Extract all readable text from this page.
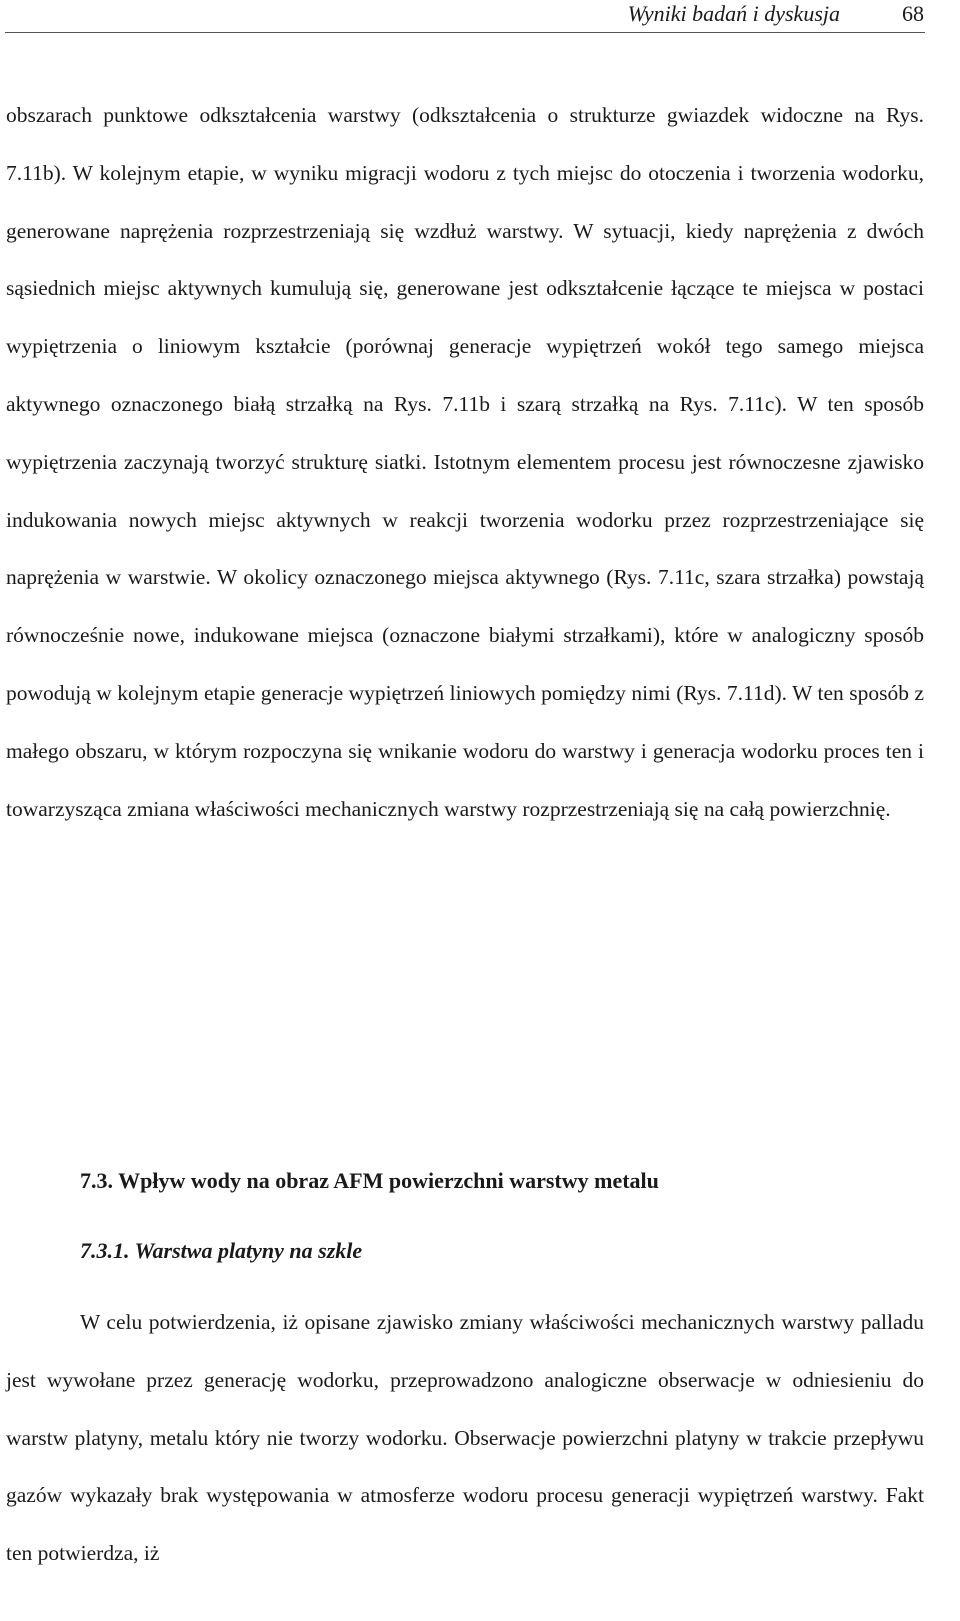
Wyniki badań i dyskusja	68

obszarach punktowe odkształcenia warstwy (odkształcenia o strukturze gwiazdek widoczne na Rys. 7.11b). W kolejnym etapie, w wyniku migracji wodoru z tych miejsc do otoczenia i tworzenia wodorku, generowane naprężenia rozprzestrzeniają się wzdłuż warstwy. W sytuacji, kiedy naprężenia z dwóch sąsiednich miejsc aktywnych kumulują się, generowane jest odkształcenie łączące te miejsca w postaci wypiętrzenia o liniowym kształcie (porównaj generacje wypiętrzeń wokół tego samego miejsca aktywnego oznaczonego białą strzałką na Rys. 7.11b i szarą strzałką na Rys. 7.11c). W ten sposób wypiętrzenia zaczynają tworzyć strukturę siatki. Istotnym elementem procesu jest równoczesne zjawisko indukowania nowych miejsc aktywnych w reakcji tworzenia wodorku przez rozprzestrzeniające się naprężenia w warstwie. W okolicy oznaczonego miejsca aktywnego (Rys. 7.11c, szara strzałka) powstają równocześnie nowe, indukowane miejsca (oznaczone białymi strzałkami), które w analogiczny sposób powodują w kolejnym etapie generacje wypiętrzeń liniowych pomiędzy nimi (Rys. 7.11d). W ten sposób z małego obszaru, w którym rozpoczyna się wnikanie wodoru do warstwy i generacja wodorku proces ten i towarzysząca zmiana właściwości mechanicznych warstwy rozprzestrzeniają się na całą powierzchnię.

7.3. Wpływ wody na obraz AFM powierzchni warstwy metalu
7.3.1. Warstwa platyny na szkle

W celu potwierdzenia, iż opisane zjawisko zmiany właściwości mechanicznych warstwy palladu jest wywołane przez generację wodorku, przeprowadzono analogiczne obserwacje w odniesieniu do warstw platyny, metalu który nie tworzy wodorku. Obserwacje powierzchni platyny w trakcie przepływu gazów wykazały brak występowania w atmosferze wodoru procesu generacji wypiętrzeń warstwy. Fakt ten potwierdza, iż
